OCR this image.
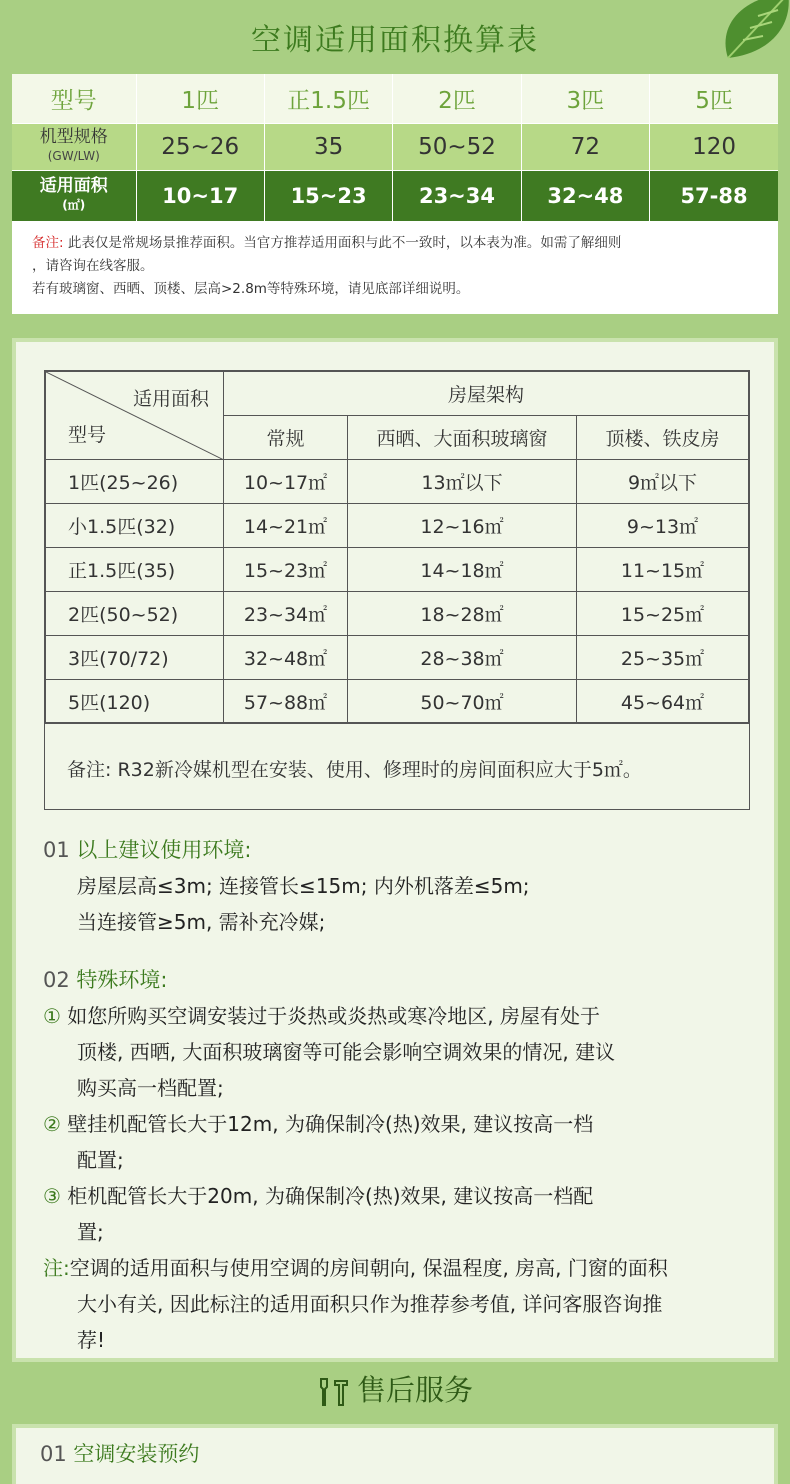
空调适用面积换算表
型号	1匹	正1.5匹	2匹	3匹	5匹
机型规格
(GW/LW)	25~26	35	50~52	72	120
适用面积
(㎡)	10~17	15~23	23~34	32~48	57-88
备注: 此表仅是常规场景推荐面积。当官方推荐适用面积与此不一致时，以本表为准。如需了解细则
，请咨询在线客服。
若有玻璃窗、西晒、顶楼、层高>2.8m等特殊环境，请见底部详细说明。
适用面积
型号	房屋架构		
	常规	西晒、大面积玻璃窗	顶楼、铁皮房
1匹(25~26)	10~17㎡	13㎡以下	9㎡以下
小1.5匹(32)	14~21㎡	12~16㎡	9~13㎡
正1.5匹(35)	15~23㎡	14~18㎡	11~15㎡
2匹(50~52)	23~34㎡	18~28㎡	15~25㎡
3匹(70/72)	32~48㎡	28~38㎡	25~35㎡
5匹(120)	57~88㎡	50~70㎡	45~64㎡
备注: R32新冷媒机型在安装、使用、修理时的房间面积应大于5㎡。
01 以上建议使用环境:

房屋层高≤3m; 连接管长≤15m; 内外机落差≤5m;

当连接管≥5m, 需补充冷媒;

02 特殊环境:

① 如您所购买空调安装过于炎热或炎热或寒冷地区, 房屋有处于

顶楼, 西晒, 大面积玻璃窗等可能会影响空调效果的情况, 建议

购买高一档配置;

② 壁挂机配管长大于12m, 为确保制冷(热)效果, 建议按高一档

配置;

③ 柜机配管长大于20m, 为确保制冷(热)效果, 建议按高一档配

置;

注:空调的适用面积与使用空调的房间朝向, 保温程度, 房高, 门窗的面积

大小有关, 因此标注的适用面积只作为推荐参考值, 详问客服咨询推

荐!

售后服务
01 空调安装预约
